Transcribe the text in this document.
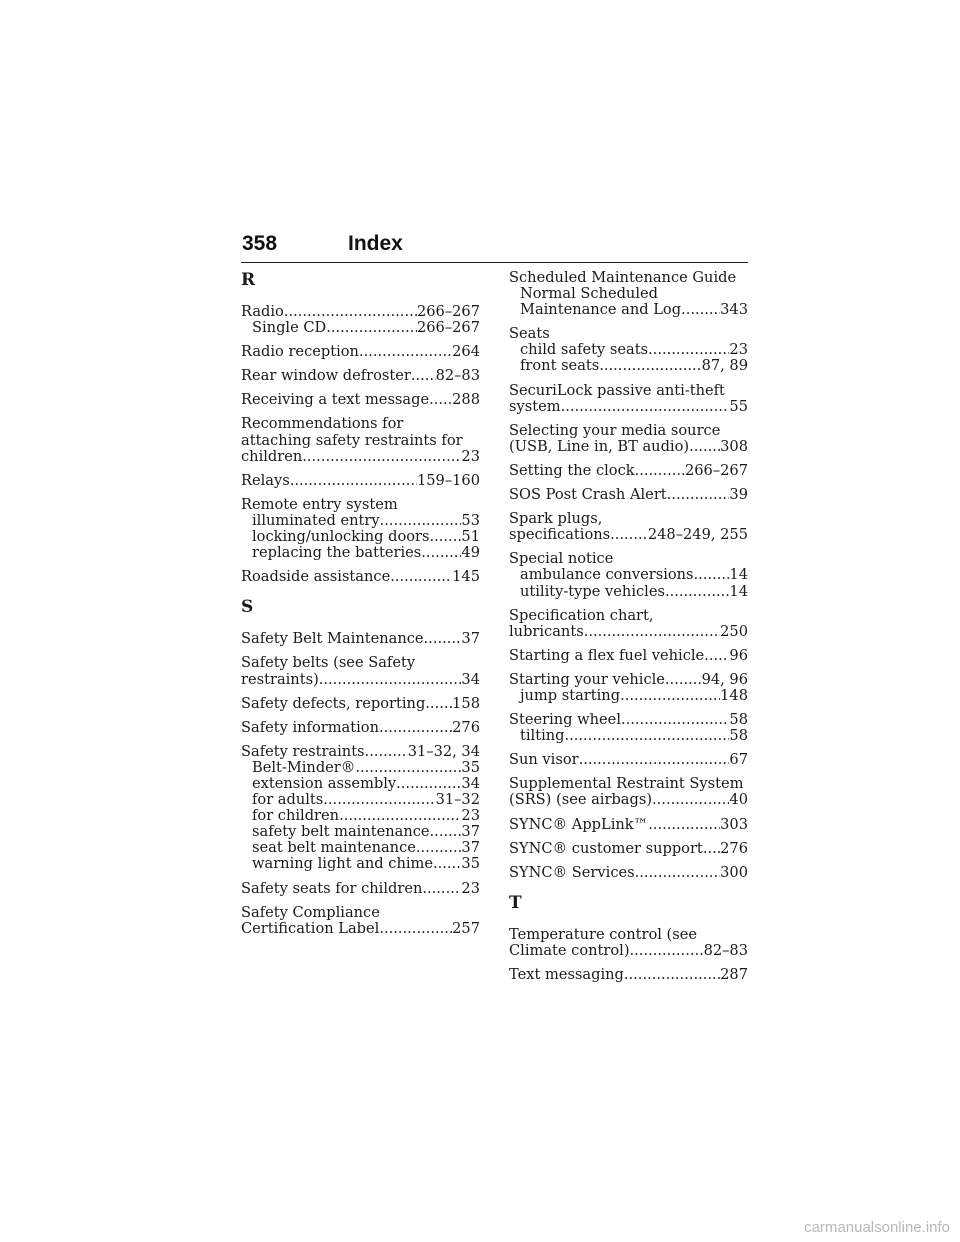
358	Index
R
Radio .....	266–267
Single CD .....	266–267
Radio reception .....	264
Rear window defroster ..... 82–83
Receiving a text message ..... 288
Recommendations for
attaching safety restraints for
children .....	23
Relays .....	159–160
Remote entry system
illuminated entry .....	53
locking/unlocking doors ..... 51
replacing the batteries .....	49
Roadside assistance .....	145
S
Safety Belt Maintenance .....	37
Safety belts (see Safety
restraints) .....	34
Safety defects, reporting ..... 158
Safety information .....	276
Safety restraints .....	31–32, 34
Belt-Minder® .....	35
extension assembly .....	34
for adults .....	31–32
for children .....	23
safety belt maintenance ..... 37
seat belt maintenance .....	37
warning light and chime ..... 35
Safety seats for children .....	23
Safety Compliance
Certification Label .....	257
Scheduled Maintenance Guide
Normal Scheduled
Maintenance and Log .....	343
Seats
child safety seats .....	23
front seats .....	87, 89
SecuriLock passive anti-theft
system .....	55
Selecting your media source
(USB, Line in, BT audio) ..... 308
Setting the clock .....	266–267
SOS Post Crash Alert .....	39
Spark plugs,
specifications .....	248–249, 255
Special notice
ambulance conversions ..... 14
utility-type vehicles .....	14
Specification chart,
lubricants .....	250
Starting a flex fuel vehicle ..... 96
Starting your vehicle .....	94, 96
jump starting .....	148
Steering wheel .....	58
tilting .....	58
Sun visor .....	67
Supplemental Restraint System
(SRS) (see airbags) .....	40
SYNC® AppLink™ .....	303
SYNC® customer support ..... 276
SYNC® Services .....	300
T
Temperature control (see
Climate control) .....	82–83
Text messaging .....	287
carmanualsonline.info
